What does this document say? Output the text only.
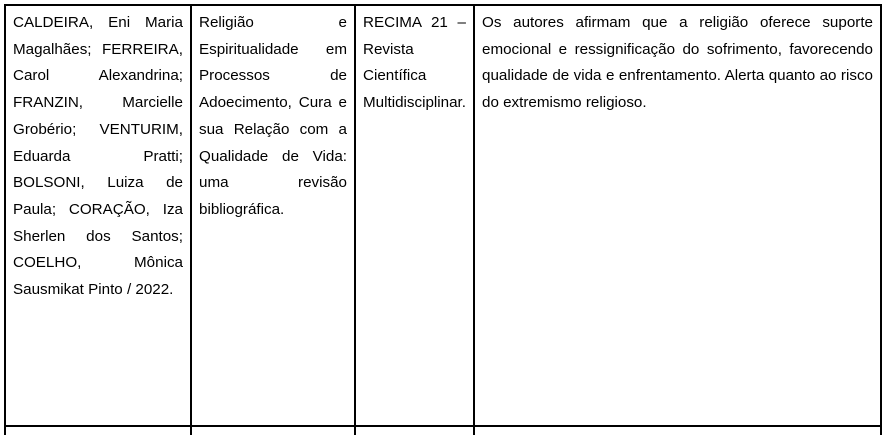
CALDEIRA, Eni Maria Magalhães; FERREIRA, Carol Alexandrina; FRANZIN, Marcielle Grobério; VENTURIM, Eduarda Pratti; BOLSONI, Luiza de Paula; CORAÇÃO, Iza Sherlen dos Santos; COELHO, Mônica Sausmikat Pinto / 2022.	Religião e Espiritualidade em Processos de Adoecimento, Cura e sua Relação com a Qualidade de Vida: uma revisão bibliográfica.	RECIMA 21 – Revista Científica Multidisciplinar.	Os autores afirmam que a religião oferece suporte emocional e ressignificação do sofrimento, favorecendo qualidade de vida e enfrentamento. Alerta quanto ao risco do extremismo religioso.
